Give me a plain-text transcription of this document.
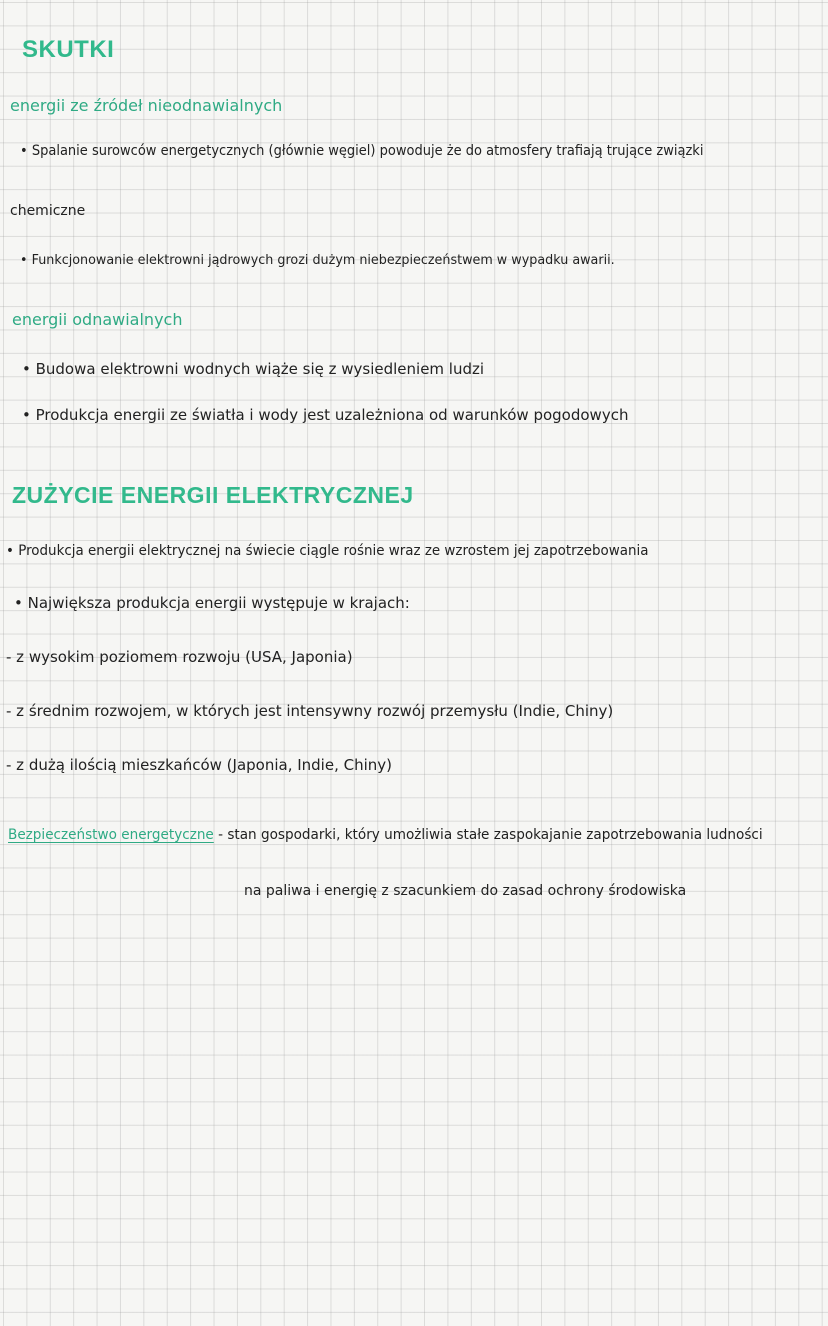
SKUTKI
energii ze źródeł nieodnawialnych
• Spalanie surowców energetycznych (głównie węgiel) powoduje że do atmosfery trafiają trujące związki
chemiczne
• Funkcjonowanie elektrowni jądrowych grozi dużym niebezpieczeństwem w wypadku awarii.
energii odnawialnych
• Budowa elektrowni wodnych wiąże się z wysiedleniem ludzi
• Produkcja energii ze światła i wody jest uzależniona od warunków pogodowych
ZUŻYCIE ENERGII ELEKTRYCZNEJ
• Produkcja energii elektrycznej na świecie ciągle rośnie wraz ze wzrostem jej zapotrzebowania
• Największa produkcja energii występuje w krajach:
- z wysokim poziomem rozwoju (USA, Japonia)
- z średnim rozwojem, w których jest intensywny rozwój przemysłu (Indie, Chiny)
- z dużą ilością mieszkańców (Japonia, Indie, Chiny)
Bezpieczeństwo energetyczne - stan gospodarki, który umożliwia stałe zaspokajanie zapotrzebowania ludności
na paliwa i energię z szacunkiem do zasad ochrony środowiska
